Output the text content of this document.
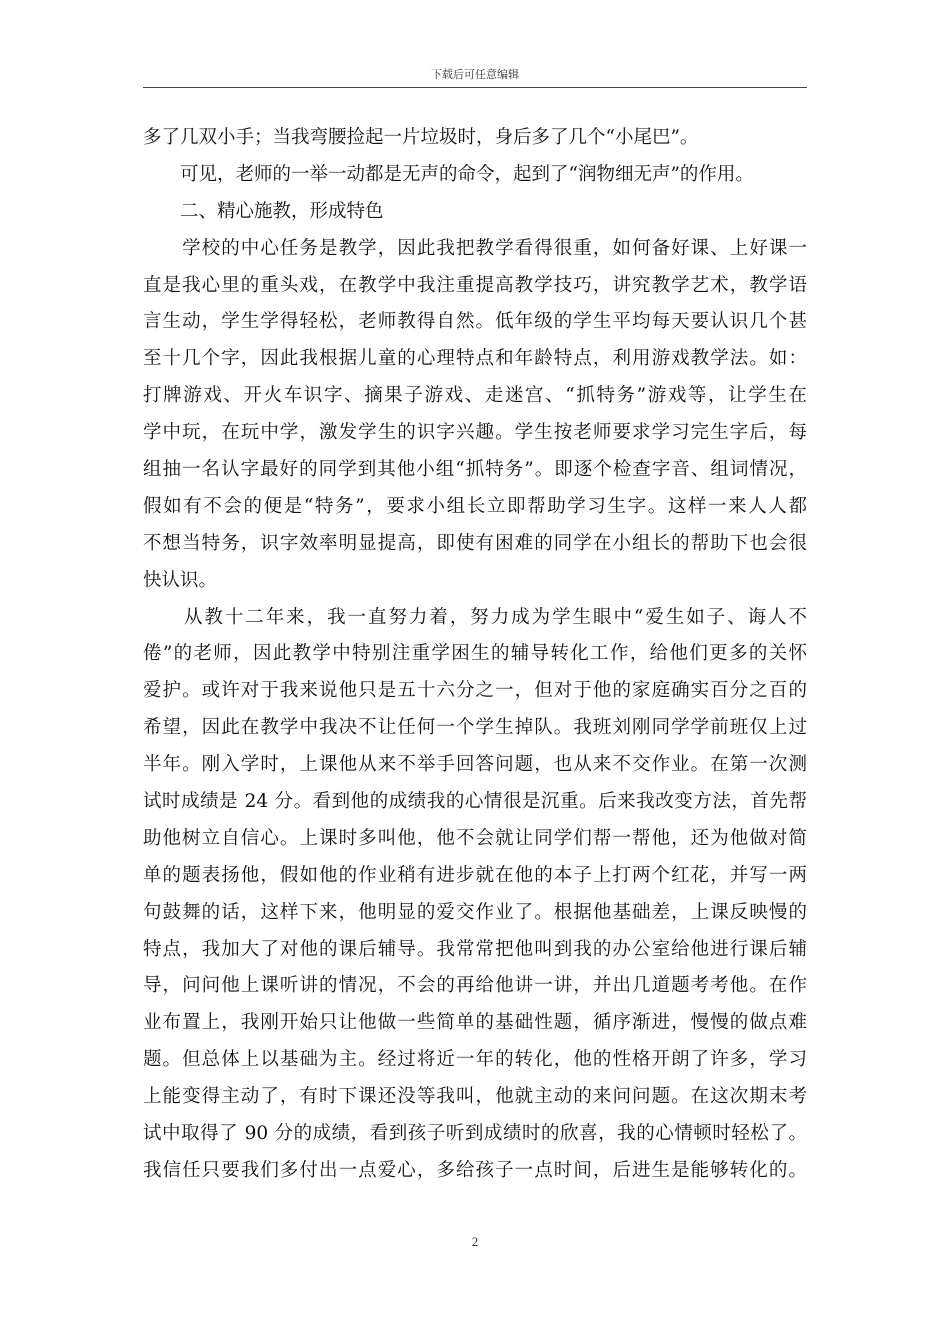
下载后可任意编辑
多了几双小手；当我弯腰捡起一片垃圾时，身后多了几个“小尾巴”。
　　可见，老师的一举一动都是无声的命令，起到了“润物细无声”的作用。
　　二、精心施教，形成特色
　　学校的中心任务是教学，因此我把教学看得很重，如何备好课、上好课一
直是我心里的重头戏，在教学中我注重提高教学技巧，讲究教学艺术，教学语
言生动，学生学得轻松，老师教得自然。低年级的学生平均每天要认识几个甚
至十几个字，因此我根据儿童的心理特点和年龄特点，利用游戏教学法。如：
打牌游戏、开火车识字、摘果子游戏、走迷宫、“抓特务”游戏等，让学生在
学中玩，在玩中学，激发学生的识字兴趣。学生按老师要求学习完生字后，每
组抽一名认字最好的同学到其他小组“抓特务”。即逐个检查字音、组词情况，
假如有不会的便是“特务”，要求小组长立即帮助学习生字。这样一来人人都
不想当特务，识字效率明显提高，即使有困难的同学在小组长的帮助下也会很
快认识。
　　从教十二年来，我一直努力着，努力成为学生眼中“爱生如子、诲人不
倦”的老师，因此教学中特别注重学困生的辅导转化工作，给他们更多的关怀
爱护。或许对于我来说他只是五十六分之一，但对于他的家庭确实百分之百的
希望，因此在教学中我决不让任何一个学生掉队。我班刘刚同学学前班仅上过
半年。刚入学时，上课他从来不举手回答问题，也从来不交作业。在第一次测
试时成绩是 24 分。看到他的成绩我的心情很是沉重。后来我改变方法，首先帮
助他树立自信心。上课时多叫他，他不会就让同学们帮一帮他，还为他做对简
单的题表扬他，假如他的作业稍有进步就在他的本子上打两个红花，并写一两
句鼓舞的话，这样下来，他明显的爱交作业了。根据他基础差，上课反映慢的
特点，我加大了对他的课后辅导。我常常把他叫到我的办公室给他进行课后辅
导，问问他上课听讲的情况，不会的再给他讲一讲，并出几道题考考他。在作
业布置上，我刚开始只让他做一些简单的基础性题，循序渐进，慢慢的做点难
题。但总体上以基础为主。经过将近一年的转化，他的性格开朗了许多，学习
上能变得主动了，有时下课还没等我叫，他就主动的来问问题。在这次期末考
试中取得了 90 分的成绩，看到孩子听到成绩时的欣喜，我的心情顿时轻松了。
我信任只要我们多付出一点爱心，多给孩子一点时间，后进生是能够转化的。
2
